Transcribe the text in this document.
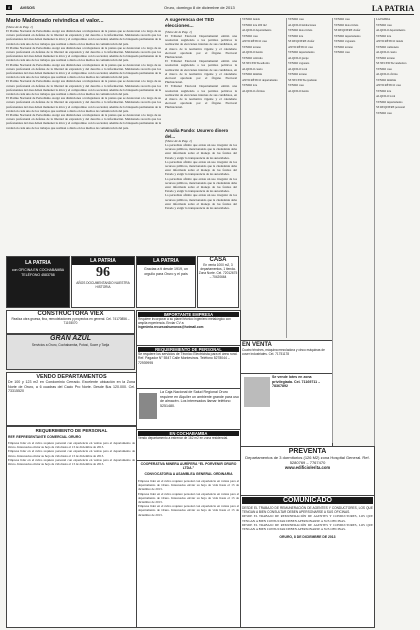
8	AVISOS	Oruro, domingo 8 de diciembre de 2013	LA PATRIA
Mario Maldonado reivindica el valor...
(Viene de la Pág. 1)
El Premio Nacional de Periodismo otorgó sus distinciones a trabajadores de la prensa que se destacaron a lo largo de su carrera profesional en defensa de la libertad de expresión y del derecho a la información. Maldonado recordó que los profesionales del área deben mantener la ética y el compromiso con la sociedad, además de la búsqueda permanente de la verdad en cada uno de los trabajos que realizan a diario en los medios de comunicación del país.
El Premio Nacional de Periodismo otorgó sus distinciones a trabajadores de la prensa que se destacaron a lo largo de su carrera profesional en defensa de la libertad de expresión y del derecho a la información. Maldonado recordó que los profesionales del área deben mantener la ética y el compromiso con la sociedad, además de la búsqueda permanente de la verdad en cada uno de los trabajos que realizan a diario en los medios de comunicación del país.
El Premio Nacional de Periodismo otorgó sus distinciones a trabajadores de la prensa que se destacaron a lo largo de su carrera profesional en defensa de la libertad de expresión y del derecho a la información. Maldonado recordó que los profesionales del área deben mantener la ética y el compromiso con la sociedad, además de la búsqueda permanente de la verdad en cada uno de los trabajos que realizan a diario en los medios de comunicación del país.
El Premio Nacional de Periodismo otorgó sus distinciones a trabajadores de la prensa que se destacaron a lo largo de su carrera profesional en defensa de la libertad de expresión y del derecho a la información. Maldonado recordó que los profesionales del área deben mantener la ética y el compromiso con la sociedad, además de la búsqueda permanente de la verdad en cada uno de los trabajos que realizan a diario en los medios de comunicación del país.
El Premio Nacional de Periodismo otorgó sus distinciones a trabajadores de la prensa que se destacaron a lo largo de su carrera profesional en defensa de la libertad de expresión y del derecho a la información. Maldonado recordó que los profesionales del área deben mantener la ética y el compromiso con la sociedad, además de la búsqueda permanente de la verdad en cada uno de los trabajos que realizan a diario en los medios de comunicación del país.
El Premio Nacional de Periodismo otorgó sus distinciones a trabajadores de la prensa que se destacaron a lo largo de su carrera profesional en defensa de la libertad de expresión y del derecho a la información. Maldonado recordó que los profesionales del área deben mantener la ética y el compromiso con la sociedad, además de la búsqueda permanente de la verdad en cada uno de los trabajos que realizan a diario en los medios de comunicación del país.
A sugerencia del TED elecciones...
(Viene de la Pág. 1)
El Tribunal Electoral Departamental emitió una resolución sugiriendo a los partidos políticos la realización de elecciones internas de sus candidatos, en el marco de la normativa vigente y el calendario electoral aprobado por el Órgano Electoral Plurinacional.
El Tribunal Electoral Departamental emitió una resolución sugiriendo a los partidos políticos la realización de elecciones internas de sus candidatos, en el marco de la normativa vigente y el calendario electoral aprobado por el Órgano Electoral Plurinacional.
El Tribunal Electoral Departamental emitió una resolución sugiriendo a los partidos políticos la realización de elecciones internas de sus candidatos, en el marco de la normativa vigente y el calendario electoral aprobado por el Órgano Electoral Plurinacional.
Amalia Pando: Usurero dinero del...
(Viene de la Pág. 1)
La periodista afirmó que existe un uso irregular de los recursos públicos, mencionando que la ciudadanía debe estar informada sobre el manejo de los fondos del Estado y exigir la transparencia de las autoridades.
La periodista afirmó que existe un uso irregular de los recursos públicos, mencionando que la ciudadanía debe estar informada sobre el manejo de los fondos del Estado y exigir la transparencia de las autoridades.
La periodista afirmó que existe un uso irregular de los recursos públicos, mencionando que la ciudadanía debe estar informada sobre el manejo de los fondos del Estado y exigir la transparencia de las autoridades.
La periodista afirmó que existe un uso irregular de los recursos públicos, mencionando que la ciudadanía debe estar informada sobre el manejo de los fondos del Estado y exigir la transparencia de las autoridades.
VENDO tienda
VENDO lote 200 m2
ALQUILO departamento
VENDO casa
ANTICRÉTICO casa
VENDO terreno
ALQUILO tienda
VENDO vehículo
SE NECESITA señorita
ALQUILO cuarto
VENDO minibús
ANTICRÉTICO departamento
VENDO lote
ALQUILO oficinas
VENDO casa
ALQUILO habitaciones
VENDO motocicleta
VENDO lote
SE REQUIERE chofer
ANTICRÉTICO casa
VENDO departamento
ALQUILO garaje
VENDO vagoneta
ALQUILO local
VENDO terreno
SE NECESITA ayudante
VENDO casa
ALQUILO tienda
LA PATRIA
VENDO casa
ALQUILO departamento
VENDO lote
ANTICRÉTICO tienda
VENDO camioneta
ALQUILO cuarto
VENDO terreno
SE NECESITA vendedora
VENDO casa
ALQUILO oficina
VENDO minibús
ANTICRÉTICO casa
VENDO lote
ALQUILO local
VENDO departamento
SE REQUIERE personal
VENDO casa
LA PATRIA
con OFICINA EN COCHABAMBA TELÉFONO 4583758
LA PATRIA
96
AÑOS DOCUMENTANDO NUESTRA HISTORIA
CONSTRUCTORA VIEX
Realiza obra gruesa, fina, remodelaciones y proyectos en general. Cel. 74170856 – 71193070
GRAN AZUL
Servicios a Oruro, Cochabamba, Potosí, Sucre y Tarija
VENDO DEPARTAMENTOS
De 100 y 123 m2 en Condominio Cerrado. Excelente ubicación en la Zona Norte de Oruro, a 6 cuadras del Cacic Pro Norte. Desde $us 120.000. Cel. 73315520
REQUERIMIENTO DE PERSONAL
REF. REPRESENTANTE COMERCIAL ORURO
Empresa líder en el rubro requiere personal con experiencia en ventas para el departamento de Oruro. Interesados enviar su hoja de vida hasta el 13 de diciembre de 2013.
Empresa líder en el rubro requiere personal con experiencia en ventas para el departamento de Oruro. Interesados enviar su hoja de vida hasta el 13 de diciembre de 2013.
Empresa líder en el rubro requiere personal con experiencia en ventas para el departamento de Oruro. Interesados enviar su hoja de vida hasta el 13 de diciembre de 2013.
LA PATRIA
Gracias a ti desde 1919, un orgullo para Oruro y el país
CASA
En venta 1000 m2, 3 departamentos, 1 tienda. Zona Norte. Cel. 72012675 – 70420664
IMPORTANTE EMPRESA
Requiere incorporar a su planel técnico ingeniero metalúrgico con amplia experiencia. Enviar CV a:
ingenieria.recursoshumanos@hotmail.com
REQUERIMIENTO DE PERSONAL
Se requiere los servicios de Técnico Electricista para el área rural. Ref. Pagador N° 5547 Calle Montesinos. Teléfono 5278044 – 72939995
La Caja Nacional de Salud Regional Oruro requiere en Alquiler un ambiente grande para uso de almacén. Los interesados llamar teléfono 5251480.
EN COCHABAMBA
Vendo departamento a estrenar de 162 m2 en zona residencial.
COOPERATIVA MINERA AURÍFERA “EL PORVENIR ORURO LTDA.”
CONVOCATORIA A ASAMBLEA GENERAL ORDINARIA
Empresa líder en el rubro requiere personal con experiencia en ventas para el departamento de Oruro. Interesados enviar su hoja de vida hasta el 13 de diciembre de 2013.
Empresa líder en el rubro requiere personal con experiencia en ventas para el departamento de Oruro. Interesados enviar su hoja de vida hasta el 13 de diciembre de 2013.
Empresa líder en el rubro requiere personal con experiencia en ventas para el departamento de Oruro. Interesados enviar su hoja de vida hasta el 13 de diciembre de 2013.
EN VENTA
Cuatro trinches, máquina mezcladora y cinco máquinas de coser industriales. Cel. 71751178
Se vende lotes en zona privilegiada. Cel. 71169711 – 78367892
PREVENTA
Departamentos de 3 dormitorios (126 M2) zona Hospital General. Ref. 5280769 – 7767470
www.edificiolerita.com
COMUNICADO
DESDE EL TRABAJO DE REMUNERACIÓN DE AGENTES Y CONDUCTORES, LOS QUE TENGAN A BIEN CONSULTAR DEBEN APERSONARSE A SUS OFICINAS.
DESDE EL TRABAJO DE REMUNERACIÓN DE AGENTES Y CONDUCTORES, LOS QUE TENGAN A BIEN CONSULTAR DEBEN APERSONARSE A SUS OFICINAS.
DESDE EL TRABAJO DE REMUNERACIÓN DE AGENTES Y CONDUCTORES, LOS QUE TENGAN A BIEN CONSULTAR DEBEN APERSONARSE A SUS OFICINAS.
ORURO, 8 DE DICIEMBRE DE 2013
VENDO casa
VENDO motocicleta
SE REQUIERE chofer
VENDO departamento
VENDO vagoneta
VENDO terreno
VENDO casa
